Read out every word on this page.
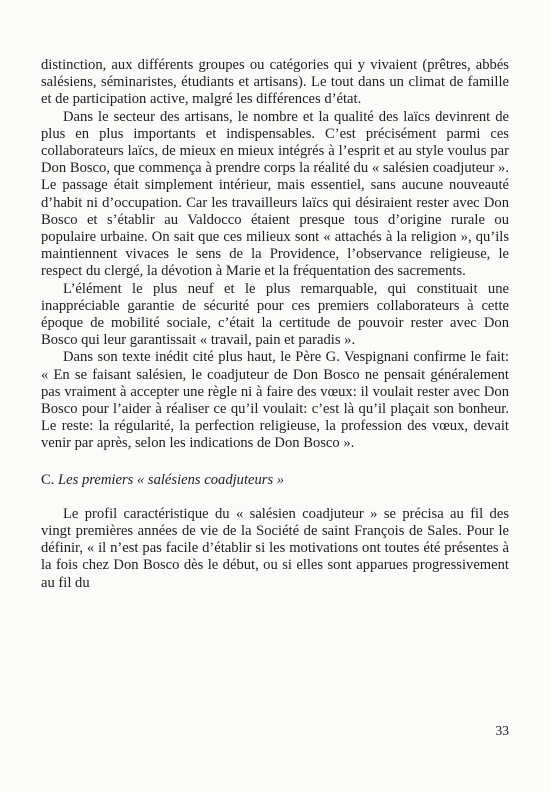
distinction, aux différents groupes ou catégories qui y vivaient (prêtres, abbés salésiens, séminaristes, étudiants et artisans). Le tout dans un climat de famille et de participation active, malgré les différences d’état.

Dans le secteur des artisans, le nombre et la qualité des laïcs devinrent de plus en plus importants et indispensables. C’est précisément parmi ces collaborateurs laïcs, de mieux en mieux intégrés à l’esprit et au style voulus par Don Bosco, que commença à prendre corps la réalité du « salésien coadjuteur ». Le passage était simplement intérieur, mais essentiel, sans aucune nouveauté d’habit ni d’occupation. Car les travailleurs laïcs qui désiraient rester avec Don Bosco et s’établir au Valdocco étaient presque tous d’origine rurale ou populaire urbaine. On sait que ces milieux sont « attachés à la religion », qu’ils maintiennent vivaces le sens de la Providence, l’observance religieuse, le respect du clergé, la dévotion à Marie et la fréquentation des sacrements.

L’élément le plus neuf et le plus remarquable, qui constituait une inappréciable garantie de sécurité pour ces premiers collaborateurs à cette époque de mobilité sociale, c’était la certitude de pouvoir rester avec Don Bosco qui leur garantissait « travail, pain et paradis ».

Dans son texte inédit cité plus haut, le Père G. Vespignani confirme le fait: « En se faisant salésien, le coadjuteur de Don Bosco ne pensait généralement pas vraiment à accepter une règle ni à faire des vœux: il voulait rester avec Don Bosco pour l’aider à réaliser ce qu’il voulait: c’est là qu’il plaçait son bonheur. Le reste: la régularité, la perfection religieuse, la profession des vœux, devait venir par après, selon les indications de Don Bosco ».

C. Les premiers « salésiens coadjuteurs »

Le profil caractéristique du « salésien coadjuteur » se précisa au fil des vingt premières années de vie de la Société de saint François de Sales. Pour le définir, « il n’est pas facile d’établir si les motivations ont toutes été présentes à la fois chez Don Bosco dès le début, ou si elles sont apparues progressivement au fil du

33
